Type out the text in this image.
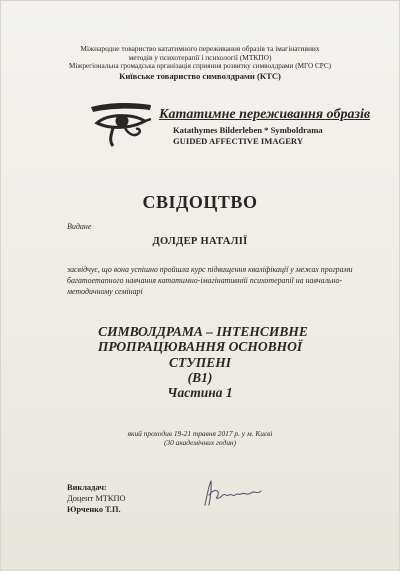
Міжнародне товариство кататимного переживання образів та імагінативних методів у психотерапії і психології (МТКПО)
Міжрегіональна громадська організація сприяння розвитку символдрами (МГО СРС)
Київське товариство символдрами (КТС)
Кататимне переживання образів
Katathymes Bilderleben * Symboldrama
GUIDED AFFECTIVE IMAGERY
СВІДОЦТВО
Видане
ДОЛДЕР НАТАЛІЇ
засвідчує, що вона успішно пройшла курс підвищення кваліфікації у межах програми багатоетапного навчання кататимно-імагінативній психотерапії на навчально-методичному семінарі
СИМВОЛДРАМА – ІНТЕНСИВНЕ
ПРОПРАЦЮВАННЯ ОСНОВНОЇ
СТУПЕНІ
(В1)
Частина 1
який проходив 19-21 травня 2017 р. у м. Києві
(30 академічних годин)
Викладач:
Доцент МТКПО
Юрченко Т.П.
